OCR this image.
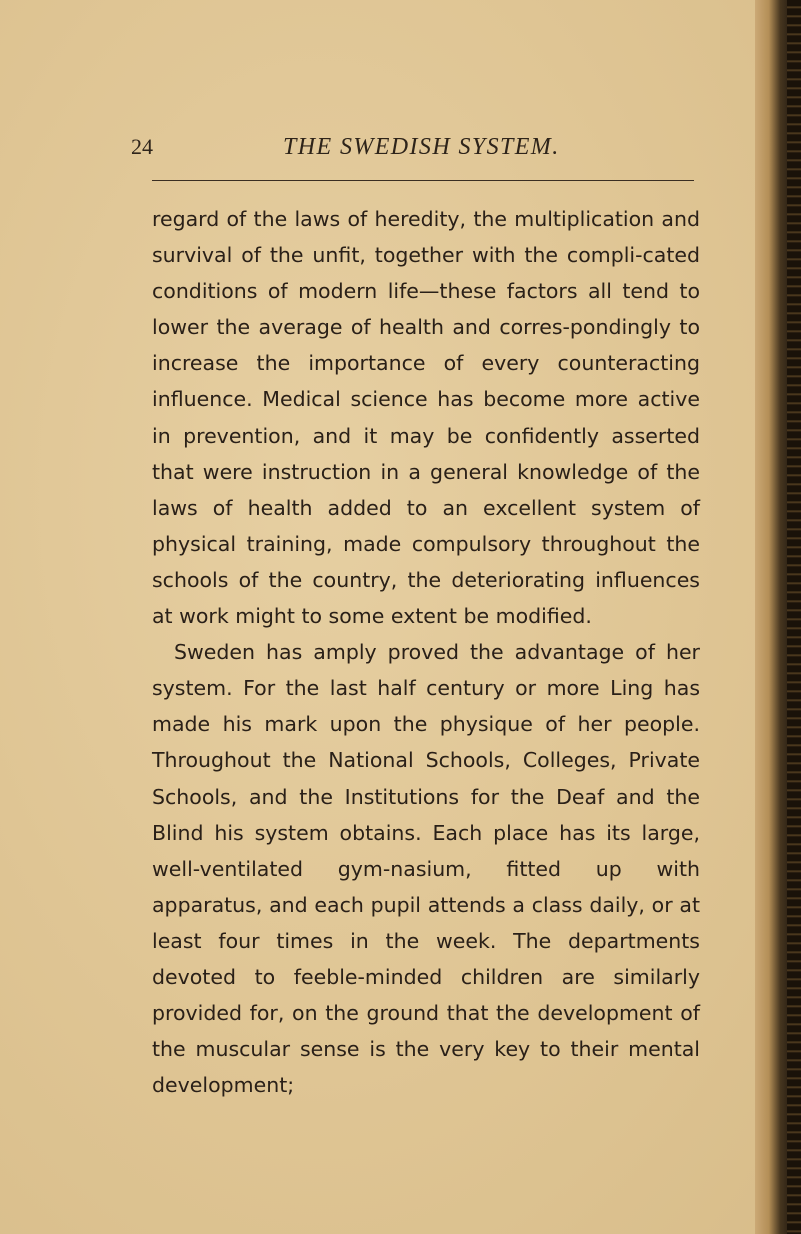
24	THE SWEDISH SYSTEM.

regard of the laws of heredity, the multiplication and survival of the unfit, together with the compli-cated conditions of modern life—these factors all tend to lower the average of health and corres-pondingly to increase the importance of every counteracting influence. Medical science has become more active in prevention, and it may be confidently asserted that were instruction in a general knowledge of the laws of health added to an excellent system of physical training, made compulsory throughout the schools of the country, the deteriorating influences at work might to some extent be modified.

Sweden has amply proved the advantage of her system. For the last half century or more Ling has made his mark upon the physique of her people. Throughout the National Schools, Colleges, Private Schools, and the Institutions for the Deaf and the Blind his system obtains. Each place has its large, well-ventilated gym-nasium, fitted up with apparatus, and each pupil attends a class daily, or at least four times in the week. The departments devoted to feeble-minded children are similarly provided for, on the ground that the development of the muscular sense is the very key to their mental development;
